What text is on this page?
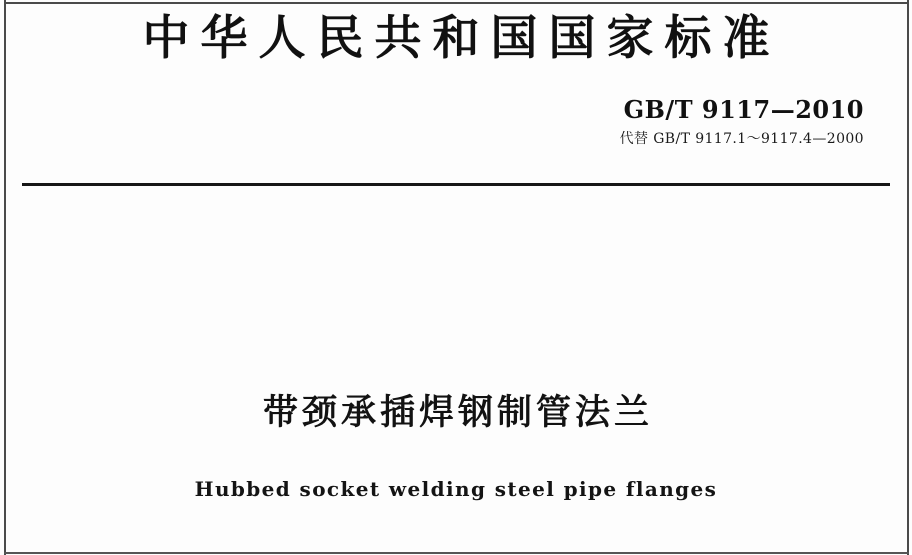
中华人民共和国国家标准
GB/T 9117—2010
代替 GB/T 9117.1～9117.4—2000
带颈承插焊钢制管法兰
Hubbed socket welding steel pipe flanges
